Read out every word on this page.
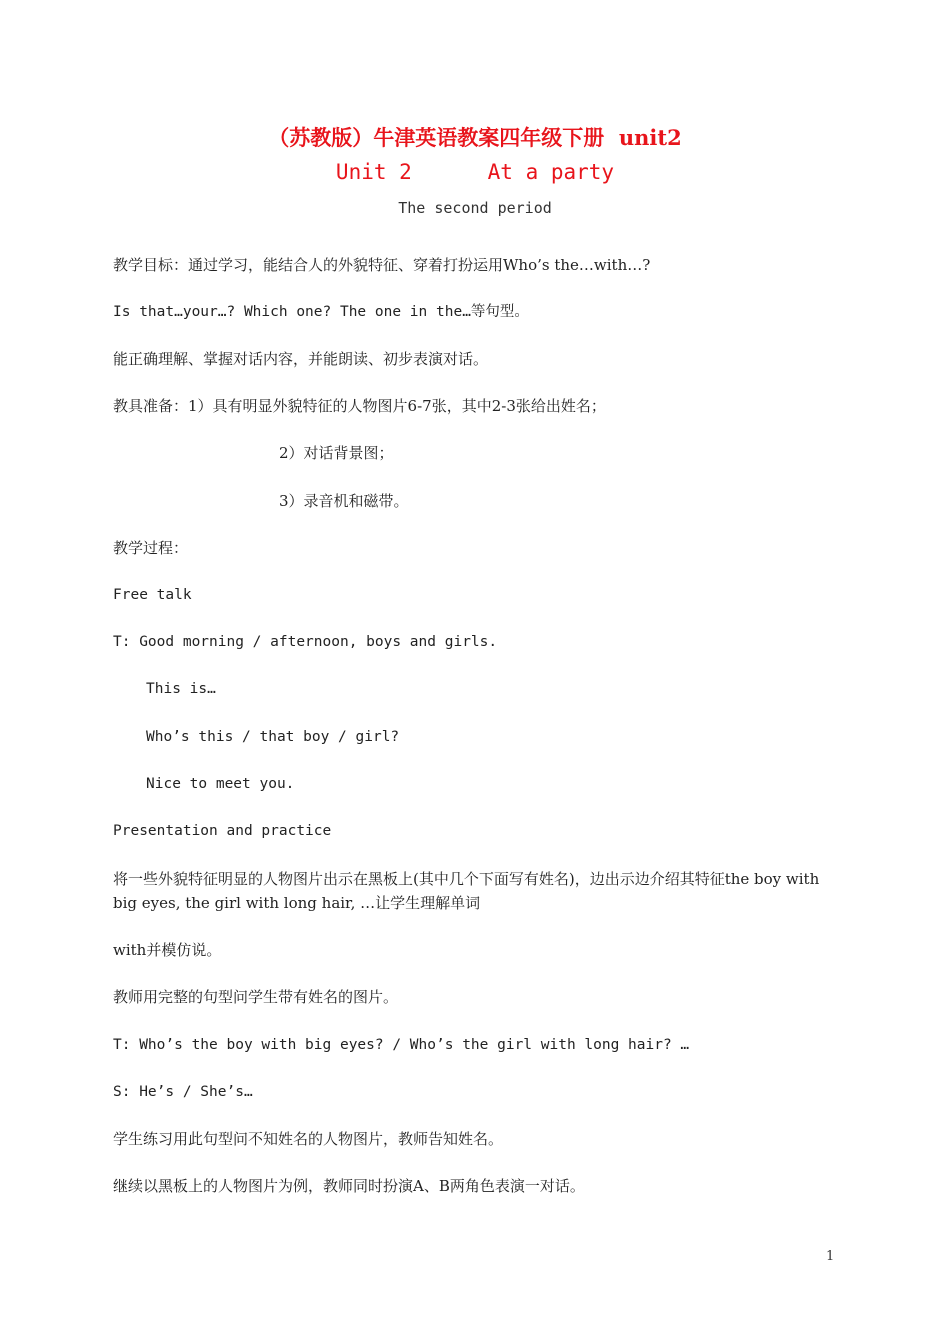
（苏教版）牛津英语教案四年级下册  unit2
Unit 2      At a party
The second period
教学目标：通过学习，能结合人的外貌特征、穿着打扮运用Who’s the…with…?
Is that…your…? Which one? The one in the…等句型。
能正确理解、掌握对话内容，并能朗读、初步表演对话。
教具准备：1）具有明显外貌特征的人物图片6-7张，其中2-3张给出姓名；
2）对话背景图；
3）录音机和磁带。
教学过程：
Free talk
T: Good morning / afternoon, boys and girls.
This is…
Who’s this / that boy / girl?
Nice to meet you.
Presentation and practice
将一些外貌特征明显的人物图片出示在黑板上(其中几个下面写有姓名)，边出示边介绍其特征the boy with big eyes, the girl with long hair, …让学生理解单词
with并模仿说。
教师用完整的句型问学生带有姓名的图片。
T: Who’s the boy with big eyes? / Who’s the girl with long hair? …
S: He’s / She’s…
学生练习用此句型问不知姓名的人物图片，教师告知姓名。
继续以黑板上的人物图片为例，教师同时扮演A、B两角色表演一对话。
1
